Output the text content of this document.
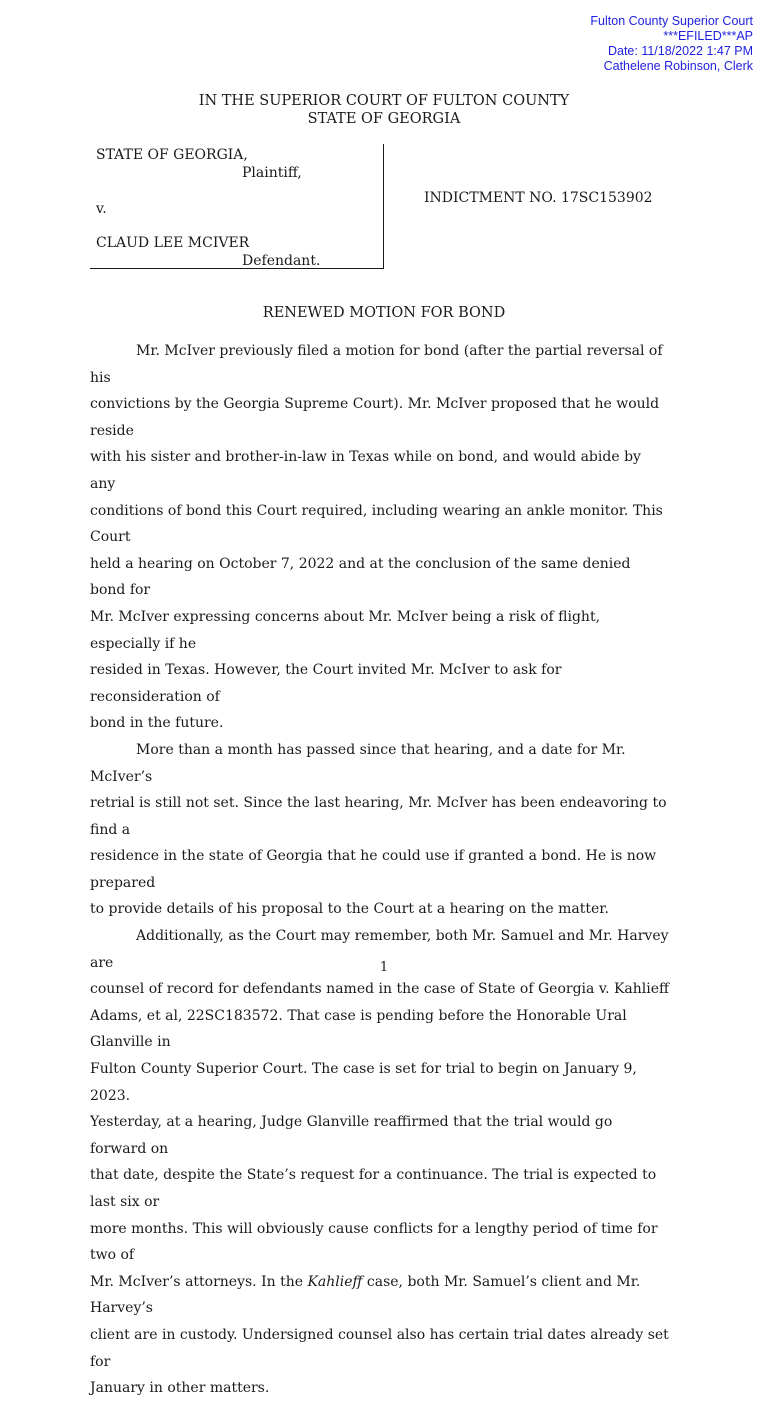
Fulton County Superior Court
***EFILED***AP
Date: 11/18/2022 1:47 PM
Cathelene Robinson, Clerk
IN THE SUPERIOR COURT OF FULTON COUNTY
STATE OF GEORGIA
STATE OF GEORGIA,
Plaintiff,
v.
CLAUD LEE MCIVER
Defendant.
INDICTMENT NO. 17SC153902
RENEWED MOTION FOR BOND

Mr. McIver previously filed a motion for bond (after the partial reversal of his
convictions by the Georgia Supreme Court). Mr. McIver proposed that he would reside
with his sister and brother-in-law in Texas while on bond, and would abide by any
conditions of bond this Court required, including wearing an ankle monitor. This Court
held a hearing on October 7, 2022 and at the conclusion of the same denied bond for
Mr. McIver expressing concerns about Mr. McIver being a risk of flight, especially if he
resided in Texas. However, the Court invited Mr. McIver to ask for reconsideration of
bond in the future.

More than a month has passed since that hearing, and a date for Mr. McIver’s
retrial is still not set. Since the last hearing, Mr. McIver has been endeavoring to find a
residence in the state of Georgia that he could use if granted a bond. He is now prepared
to provide details of his proposal to the Court at a hearing on the matter.

Additionally, as the Court may remember, both Mr. Samuel and Mr. Harvey are
counsel of record for defendants named in the case of State of Georgia v. Kahlieff
Adams, et al, 22SC183572. That case is pending before the Honorable Ural Glanville in
Fulton County Superior Court. The case is set for trial to begin on January 9, 2023.
Yesterday, at a hearing, Judge Glanville reaffirmed that the trial would go forward on
that date, despite the State’s request for a continuance. The trial is expected to last six or
more months. This will obviously cause conflicts for a lengthy period of time for two of
Mr. McIver’s attorneys. In the Kahlieff case, both Mr. Samuel’s client and Mr. Harvey’s
client are in custody. Undersigned counsel also has certain trial dates already set for
January in other matters.

1
